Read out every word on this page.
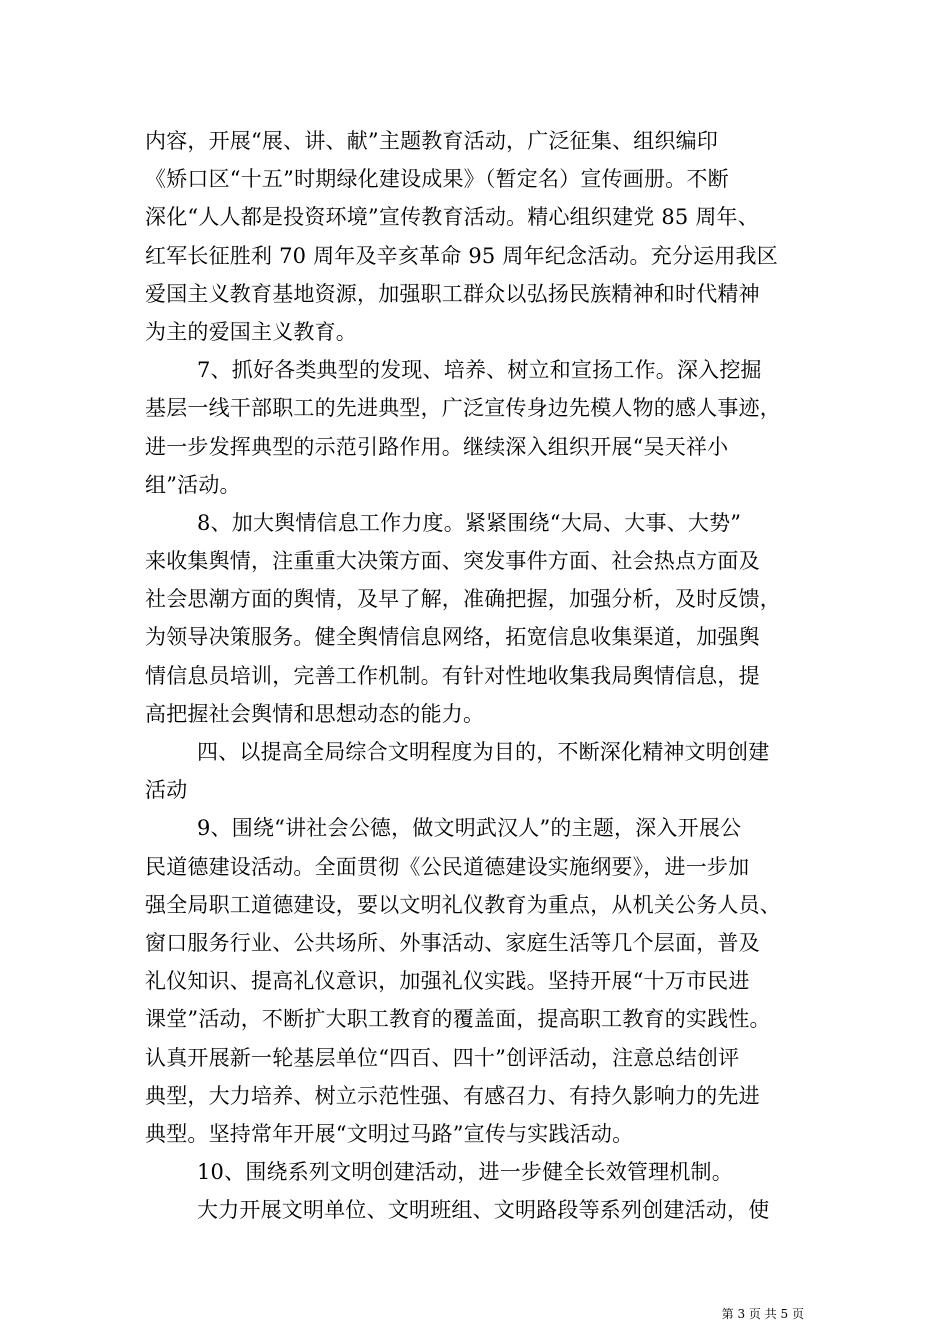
内容，开展“展、讲、献”主题教育活动，广泛征集、组织编印
《矫口区“十五”时期绿化建设成果》（暂定名）宣传画册。不断
深化“人人都是投资环境”宣传教育活动。精心组织建党 85 周年、
红军长征胜利 70 周年及辛亥革命 95 周年纪念活动。充分运用我区
爱国主义教育基地资源，加强职工群众以弘扬民族精神和时代精神
为主的爱国主义教育。
7、抓好各类典型的发现、培养、树立和宣扬工作。深入挖掘
基层一线干部职工的先进典型，广泛宣传身边先模人物的感人事迹，
进一步发挥典型的示范引路作用。继续深入组织开展“吴天祥小
组”活动。
8、加大舆情信息工作力度。紧紧围绕“大局、大事、大势”
来收集舆情，注重重大决策方面、突发事件方面、社会热点方面及
社会思潮方面的舆情，及早了解，准确把握，加强分析，及时反馈，
为领导决策服务。健全舆情信息网络，拓宽信息收集渠道，加强舆
情信息员培训，完善工作机制。有针对性地收集我局舆情信息，提
高把握社会舆情和思想动态的能力。
四、以提高全局综合文明程度为目的，不断深化精神文明创建
活动
9、围绕“讲社会公德，做文明武汉人”的主题，深入开展公
民道德建设活动。全面贯彻《公民道德建设实施纲要》，进一步加
强全局职工道德建设，要以文明礼仪教育为重点，从机关公务人员、
窗口服务行业、公共场所、外事活动、家庭生活等几个层面，普及
礼仪知识、提高礼仪意识，加强礼仪实践。坚持开展“十万市民进
课堂”活动，不断扩大职工教育的覆盖面，提高职工教育的实践性。
认真开展新一轮基层单位“四百、四十”创评活动，注意总结创评
典型，大力培养、树立示范性强、有感召力、有持久影响力的先进
典型。坚持常年开展“文明过马路”宣传与实践活动。
10、围绕系列文明创建活动，进一步健全长效管理机制。
大力开展文明单位、文明班组、文明路段等系列创建活动，使
第 3 页 共 5 页
